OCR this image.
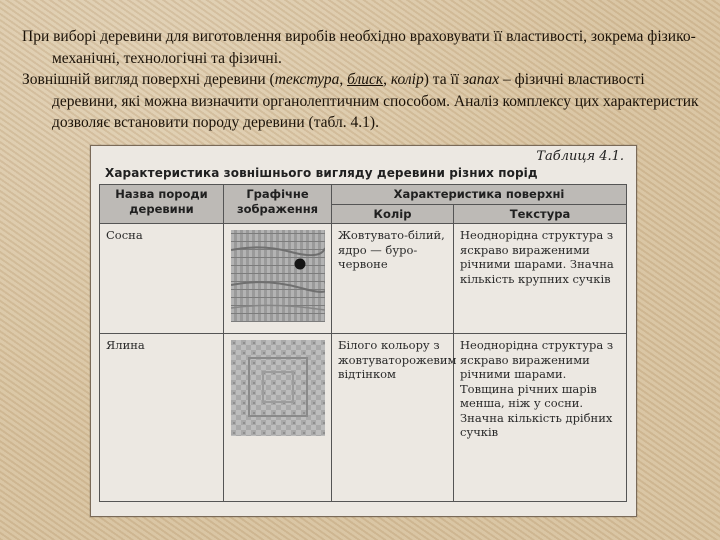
При виборі деревини для виготовлення виробів необхідно враховувати її властивості, зокрема фізико-механічні, технологічні та фізичні.

Зовнішній вигляд поверхні деревини (текстура, блиск, колір) та її запах – фізичні властивості деревини, які можна визначити органолептичним способом. Аналіз комплексу цих характеристик дозволяє встановити породу деревини (табл. 4.1).

Таблиця 4.1.
Характеристика зовнішнього вигляду деревини різних порід
Назва породи деревини	Графічне зображення	Характеристика поверхні	
		Колір	Текстура
Сосна		Жовтувато-білий, ядро — буро-червоне	Неоднорідна структура з яскраво вираженими річними шарами. Значна кількість крупних сучків
Ялина		Білого кольору з жовтуваторожевим відтінком	Неоднорідна структура з яскраво вираженими річними шарами. Товщина річних шарів менша, ніж у сосни. Значна кількість дрібних сучків
